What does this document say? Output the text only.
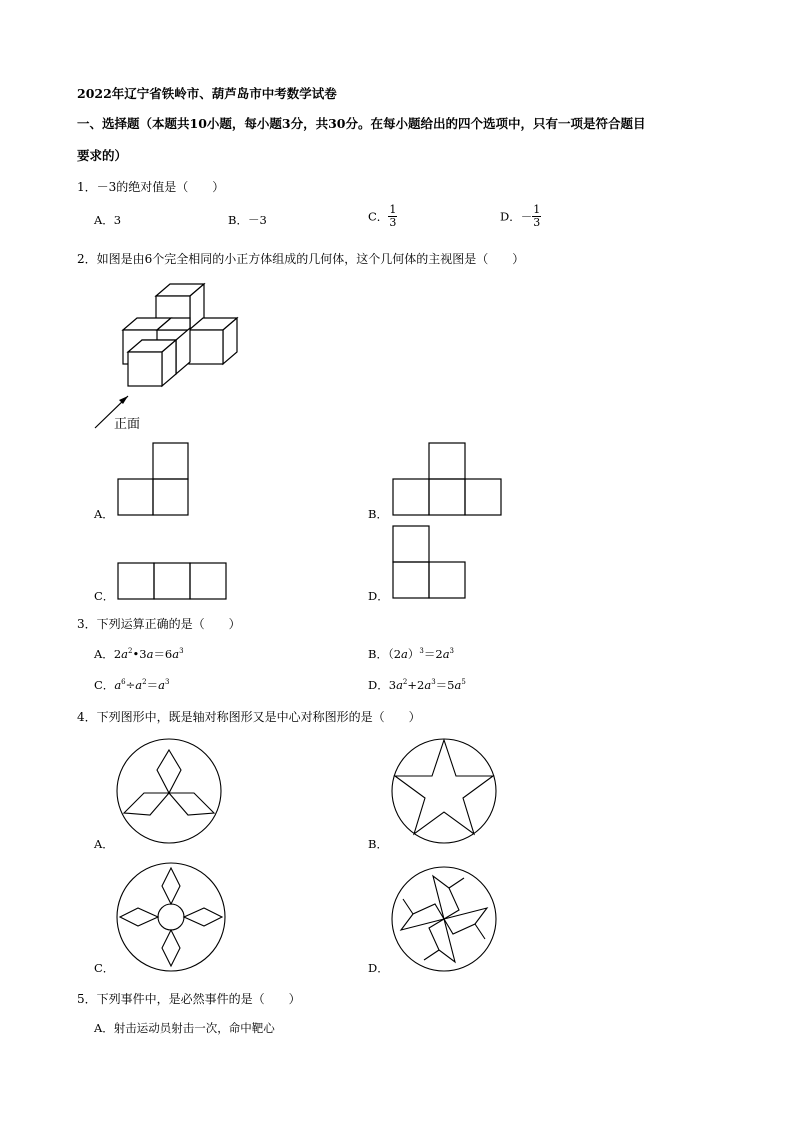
2022年辽宁省铁岭市、葫芦岛市中考数学试卷
一、选择题（本题共10小题，每小题3分，共30分。在每小题给出的四个选项中，只有一项是符合题目
要求的）
1．－3的绝对值是（　　）
A．3	B．－3	C． $\frac{1}{3}$	D．－ $\frac{1}{3}$
2．如图是由6个完全相同的小正方体组成的几何体，这个几何体的主视图是（　　）
正面
A．	B．
C．	D．
3．下列运算正确的是（　　）
A．$2a^2•3a=6a^3$	B．$(2a)^3=2a^3$
C．$a^6\div a^2=a^3$	D．$3a^2+2a^3=5a^5$
4．下列图形中，既是轴对称图形又是中心对称图形的是（　　）
A．	B．
C．	D．
5．下列事件中，是必然事件的是（　　）
A．射击运动员射击一次，命中靶心
